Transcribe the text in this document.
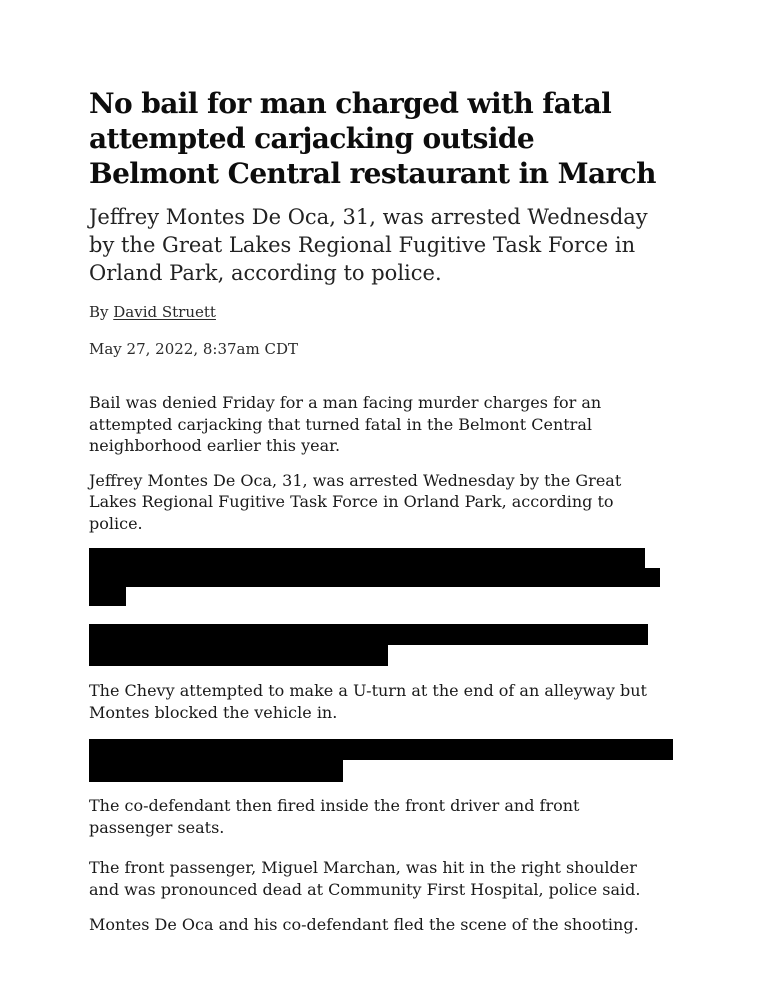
No bail for man charged with fatal attempted carjacking outside Belmont Central restaurant in March
Jeffrey Montes De Oca, 31, was arrested Wednesday by the Great Lakes Regional Fugitive Task Force in Orland Park, according to police.
By David Struett
May 27, 2022, 8:37am CDT

Bail was denied Friday for a man facing murder charges for an attempted carjacking that turned fatal in the Belmont Central neighborhood earlier this year.

Jeffrey Montes De Oca, 31, was arrested Wednesday by the Great Lakes Regional Fugitive Task Force in Orland Park, according to police.

The Chevy attempted to make a U-turn at the end of an alleyway but Montes blocked the vehicle in.

The co-defendant then fired inside the front driver and front passenger seats.

The front passenger, Miguel Marchan, was hit in the right shoulder and was pronounced dead at Community First Hospital, police said.

Montes De Oca and his co-defendant fled the scene of the shooting.
